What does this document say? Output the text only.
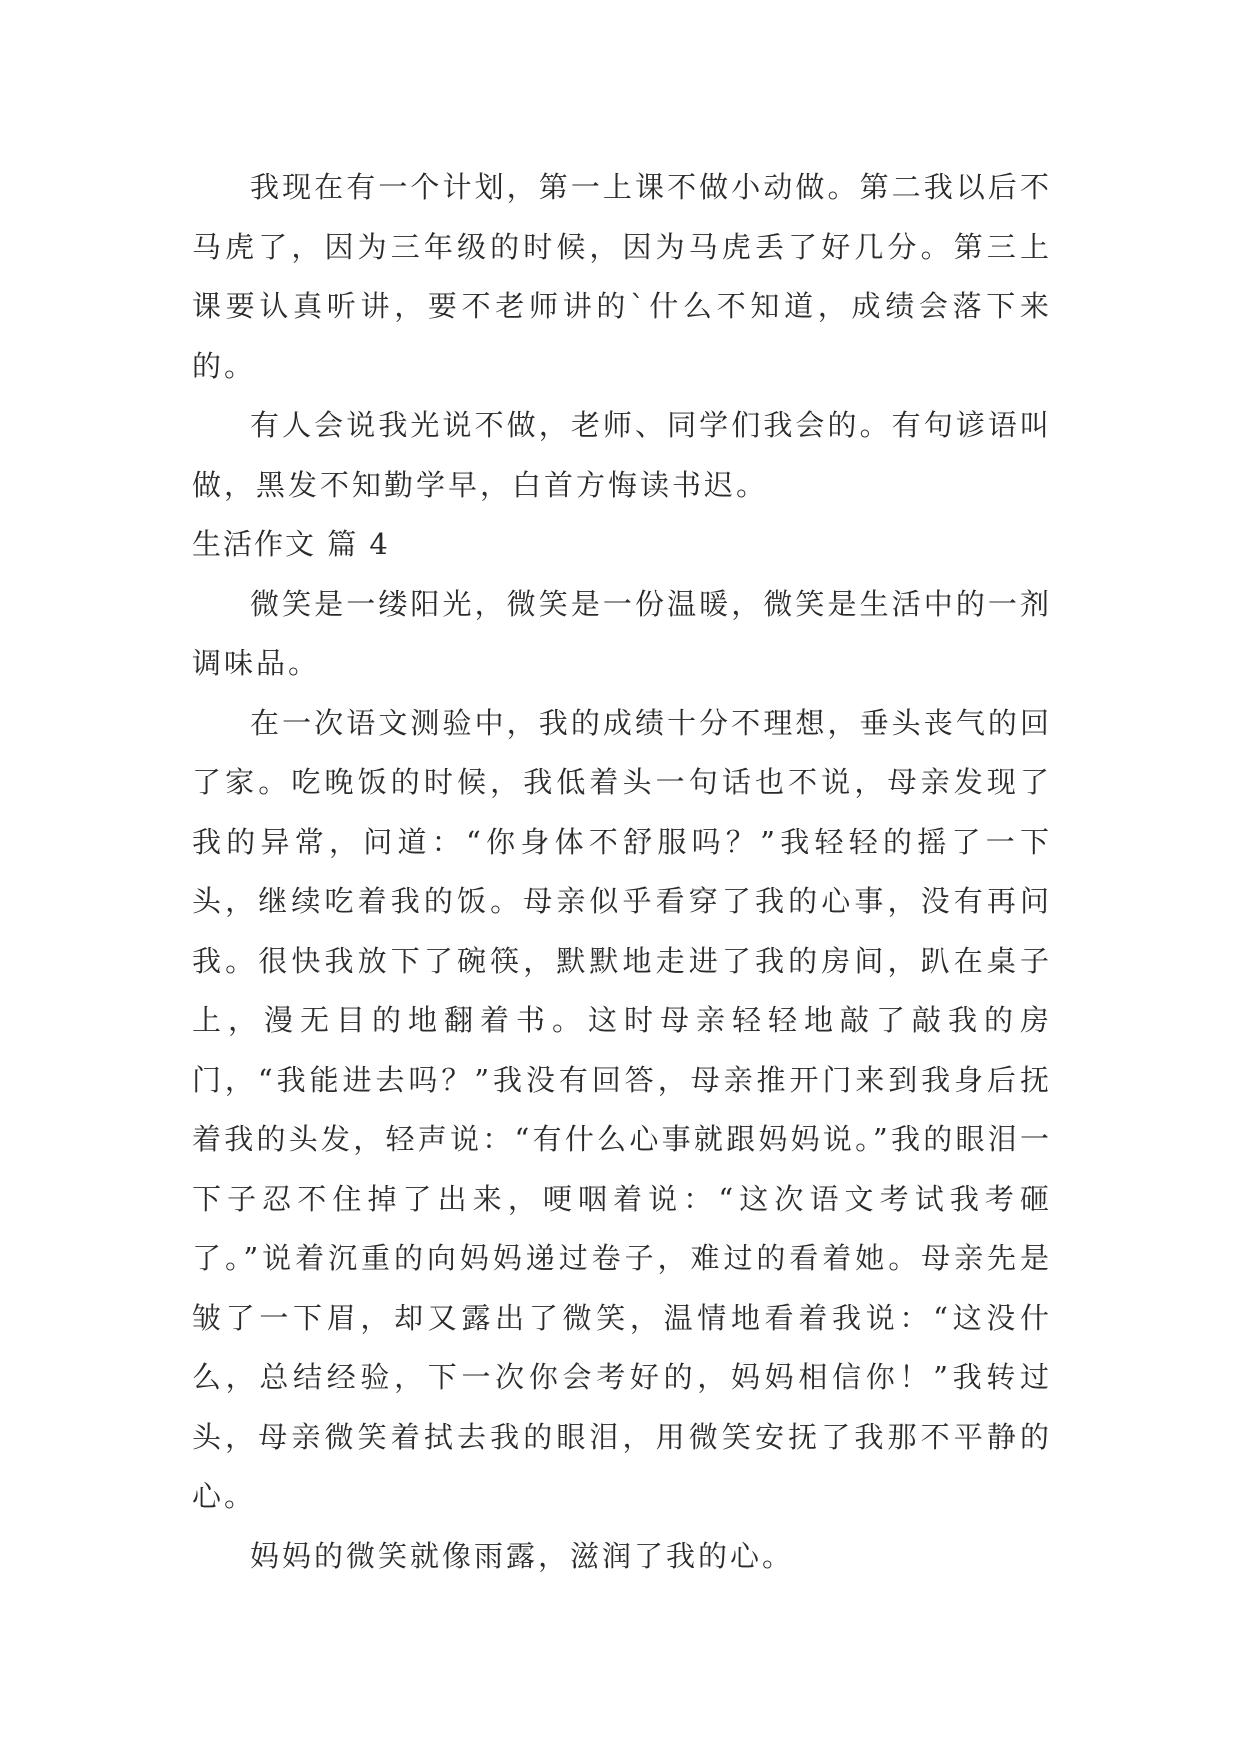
我现在有一个计划，第一上课不做小动做。第二我以后不马虎了，因为三年级的时候，因为马虎丢了好几分。第三上课要认真听讲，要不老师讲的`什么不知道，成绩会落下来的。

有人会说我光说不做，老师、同学们我会的。有句谚语叫做，黑发不知勤学早，白首方悔读书迟。

生活作文 篇 4

微笑是一缕阳光，微笑是一份温暖，微笑是生活中的一剂调味品。

在一次语文测验中，我的成绩十分不理想，垂头丧气的回了家。吃晚饭的时候，我低着头一句话也不说，母亲发现了我的异常，问道：“你身体不舒服吗？”我轻轻的摇了一下头，继续吃着我的饭。母亲似乎看穿了我的心事，没有再问我。很快我放下了碗筷，默默地走进了我的房间，趴在桌子上，漫无目的地翻着书。这时母亲轻轻地敲了敲我的房门，“我能进去吗？”我没有回答，母亲推开门来到我身后抚着我的头发，轻声说：“有什么心事就跟妈妈说。”我的眼泪一下子忍不住掉了出来，哽咽着说：“这次语文考试我考砸了。”说着沉重的向妈妈递过卷子，难过的看着她。母亲先是皱了一下眉，却又露出了微笑，温情地看着我说：“这没什么，总结经验，下一次你会考好的，妈妈相信你！”我转过头，母亲微笑着拭去我的眼泪，用微笑安抚了我那不平静的心。

妈妈的微笑就像雨露，滋润了我的心。
